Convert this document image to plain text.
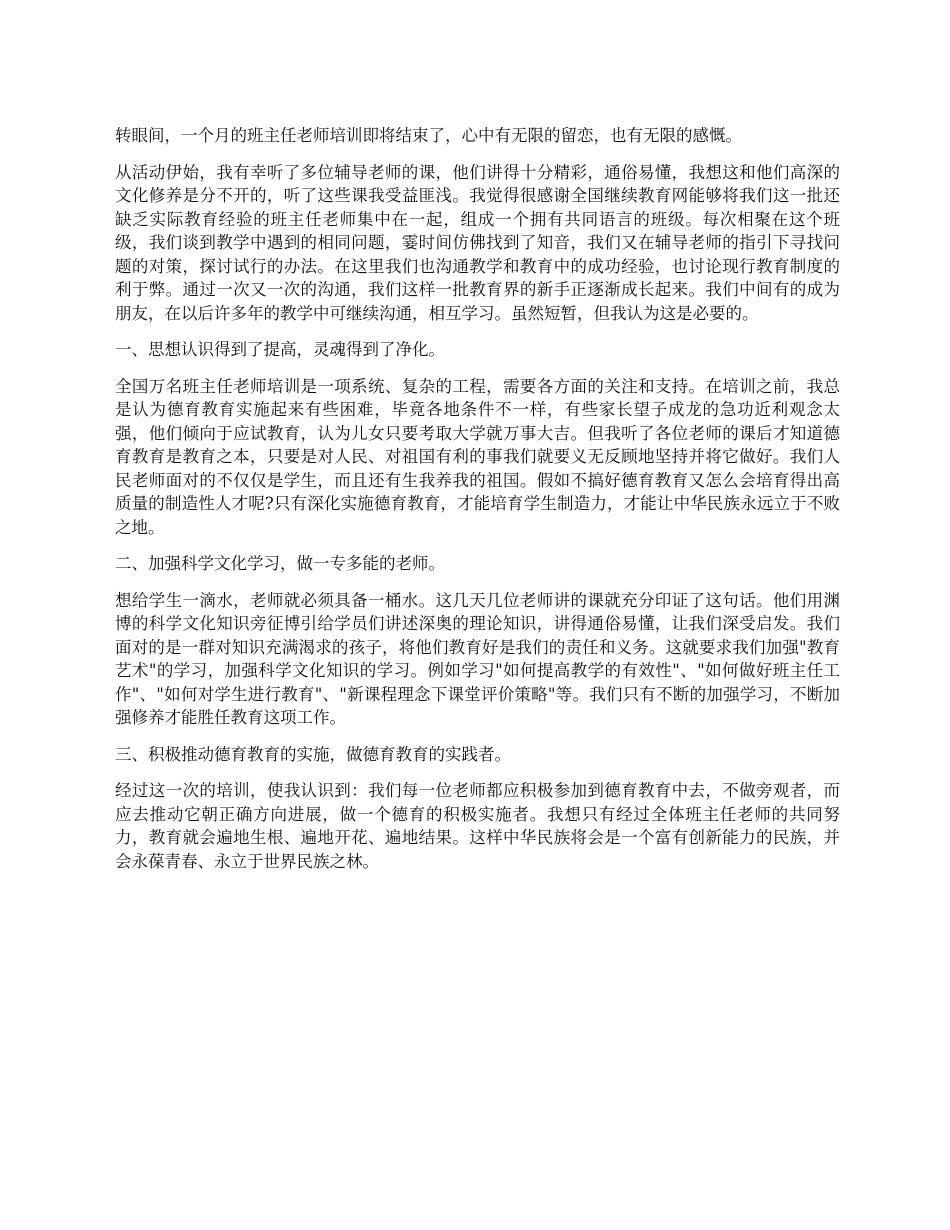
转眼间，一个月的班主任老师培训即将结束了，心中有无限的留恋，也有无限的感慨。

从活动伊始，我有幸听了多位辅导老师的课，他们讲得十分精彩，通俗易懂，我想这和他们高深的文化修养是分不开的，听了这些课我受益匪浅。我觉得很感谢全国继续教育网能够将我们这一批还缺乏实际教育经验的班主任老师集中在一起，组成一个拥有共同语言的班级。每次相聚在这个班级，我们谈到教学中遇到的相同问题，霎时间仿佛找到了知音，我们又在辅导老师的指引下寻找问题的对策，探讨试行的办法。在这里我们也沟通教学和教育中的成功经验，也讨论现行教育制度的利于弊。通过一次又一次的沟通，我们这样一批教育界的新手正逐渐成长起来。我们中间有的成为朋友，在以后许多年的教学中可继续沟通，相互学习。虽然短暂，但我认为这是必要的。

一、思想认识得到了提高，灵魂得到了净化。

全国万名班主任老师培训是一项系统、复杂的工程，需要各方面的关注和支持。在培训之前，我总是认为德育教育实施起来有些困难，毕竟各地条件不一样，有些家长望子成龙的急功近利观念太强，他们倾向于应试教育，认为儿女只要考取大学就万事大吉。但我听了各位老师的课后才知道德育教育是教育之本，只要是对人民、对祖国有利的事我们就要义无反顾地坚持并将它做好。我们人民老师面对的不仅仅是学生，而且还有生我养我的祖国。假如不搞好德育教育又怎么会培育得出高质量的制造性人才呢?只有深化实施德育教育，才能培育学生制造力，才能让中华民族永远立于不败之地。

二、加强科学文化学习，做一专多能的老师。

想给学生一滴水，老师就必须具备一桶水。这几天几位老师讲的课就充分印证了这句话。他们用渊博的科学文化知识旁征博引给学员们讲述深奥的理论知识，讲得通俗易懂，让我们深受启发。我们面对的是一群对知识充满渴求的孩子，将他们教育好是我们的责任和义务。这就要求我们加强"教育艺术"的学习，加强科学文化知识的学习。例如学习"如何提高教学的有效性"、"如何做好班主任工作"、"如何对学生进行教育"、"新课程理念下课堂评价策略"等。我们只有不断的加强学习，不断加强修养才能胜任教育这项工作。

三、积极推动德育教育的实施，做德育教育的实践者。

经过这一次的培训，使我认识到：我们每一位老师都应积极参加到德育教育中去，不做旁观者，而应去推动它朝正确方向进展，做一个德育的积极实施者。我想只有经过全体班主任老师的共同努力，教育就会遍地生根、遍地开花、遍地结果。这样中华民族将会是一个富有创新能力的民族，并会永葆青春、永立于世界民族之林。
